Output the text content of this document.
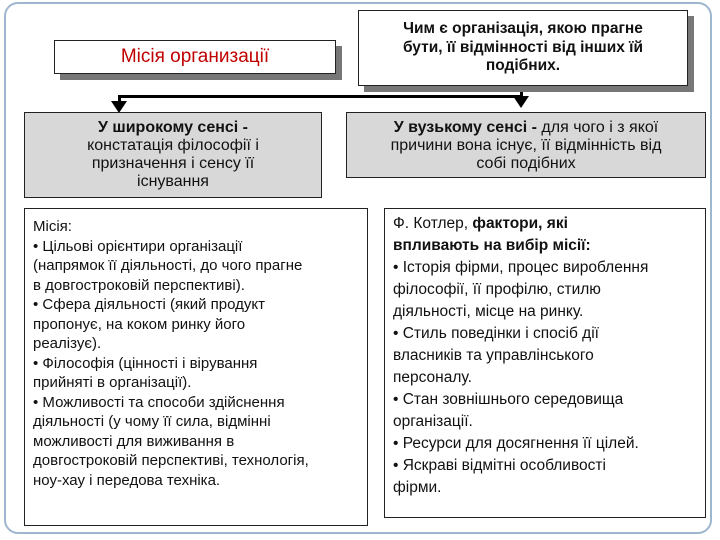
Місія организації
Чим є організація, якою прагне
бути, її відмінності від інших їй
подібних.
У широкому сенсі -
констатація філософії і
призначення і сенсу її
існування
У вузькому сенсі - для чого і з якої
причини вона існує, її відмінність від
собі подібних
Місія:
• Цільові орієнтири організації
(напрямок її діяльності, до чого прагне
в довгостроковій перспективі).
• Сфера діяльності (який продукт
пропонує, на коком ринку його
реалізує).
• Філософія (цінності і вірування
прийняті в організації).
• Можливості та способи здійснення
діяльності (у чому її сила, відмінні
можливості для виживання в
довгостроковій перспективі, технологія,
ноу-хау і передова техніка.
Ф. Котлер, фактори, які
впливають на вибір місії:
• Історія фірми, процес вироблення
філософії, її профілю, стилю
діяльності, місце на ринку.
• Стиль поведінки і спосіб дії
власників та управлінського
персоналу.
• Стан зовнішнього середовища
організації.
• Ресурси для досягнення її цілей.
• Яскраві відмітні особливості
фірми.
